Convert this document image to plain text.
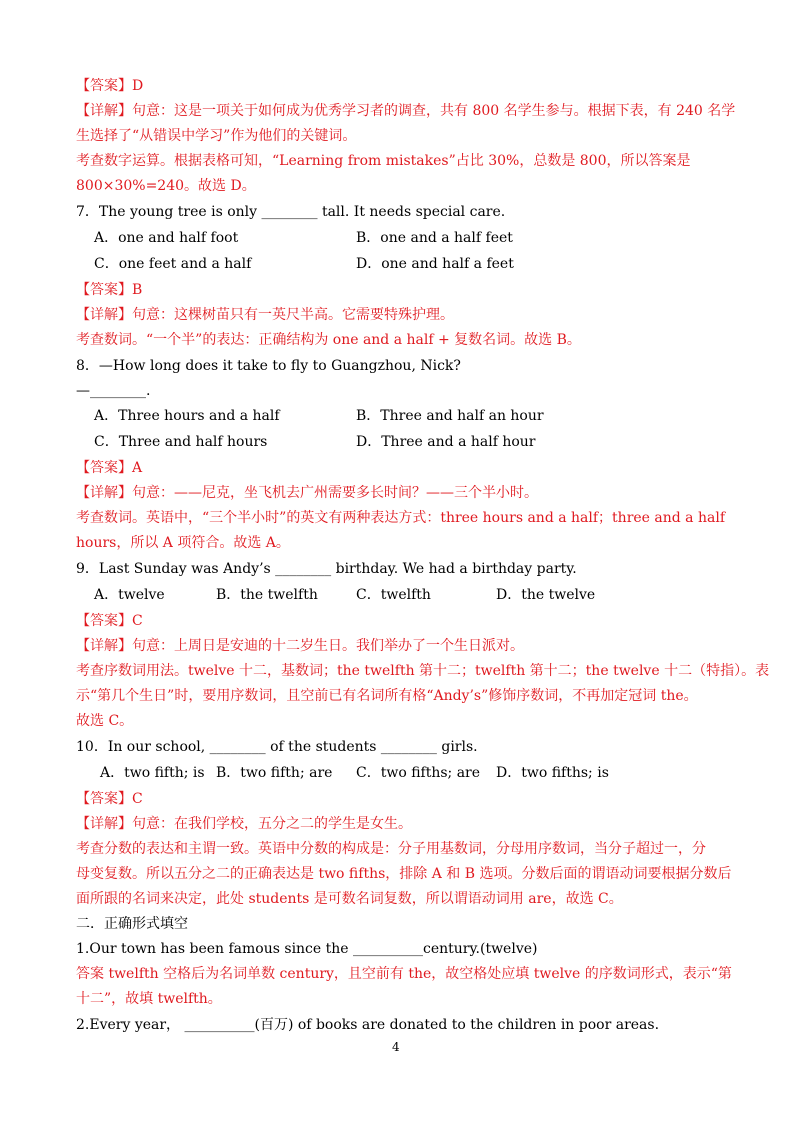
【答案】D
【详解】句意：这是一项关于如何成为优秀学习者的调查，共有 800 名学生参与。根据下表，有 240 名学
生选择了“从错误中学习”作为他们的关键词。
考查数字运算。根据表格可知，“Learning from mistakes”占比 30%，总数是 800，所以答案是
800×30%=240。故选 D。
7．The young tree is only ________ tall. It needs special care.
A．one and half foot	B．one and a half feet
C．one feet and a half	D．one and half a feet
【答案】B
【详解】句意：这棵树苗只有一英尺半高。它需要特殊护理。
考查数词。“一个半”的表达：正确结构为 one and a half + 复数名词。故选 B。
8．—How long does it take to fly to Guangzhou, Nick?
—________.
A．Three hours and a half	B．Three and half an hour
C．Three and half hours	D．Three and a half hour
【答案】A
【详解】句意：——尼克，坐飞机去广州需要多长时间？——三个半小时。
考查数词。英语中，“三个半小时”的英文有两种表达方式：three hours and a half；three and a half
hours，所以 A 项符合。故选 A。
9．Last Sunday was Andy’s ________ birthday. We had a birthday party.
A．twelve	B．the twelfth	C．twelfth	D．the twelve
【答案】C
【详解】句意：上周日是安迪的十二岁生日。我们举办了一个生日派对。
考查序数词用法。twelve 十二，基数词；the twelfth 第十二；twelfth 第十二；the twelve 十二（特指）。表
示“第几个生日”时，要用序数词，且空前已有名词所有格“Andy’s”修饰序数词，不再加定冠词 the。
故选 C。
10．In our school, ________ of the students ________ girls.
A．two fifth; is B．two fifth; are C．two fifths; are D．two fifths; is
【答案】C
【详解】句意：在我们学校，五分之二的学生是女生。
考查分数的表达和主谓一致。英语中分数的构成是：分子用基数词，分母用序数词，当分子超过一，分
母变复数。所以五分之二的正确表达是 two fifths，排除 A 和 B 选项。分数后面的谓语动词要根据分数后
面所跟的名词来决定，此处 students 是可数名词复数，所以谓语动词用 are，故选 C。
二．正确形式填空
1.Our town has been famous since the __________century.(twelve)
答案 twelfth 空格后为名词单数 century，且空前有 the，故空格处应填 twelve 的序数词形式，表示“第
十二”，故填 twelfth。
2.Every year， __________(百万) of books are donated to the children in poor areas.
4
